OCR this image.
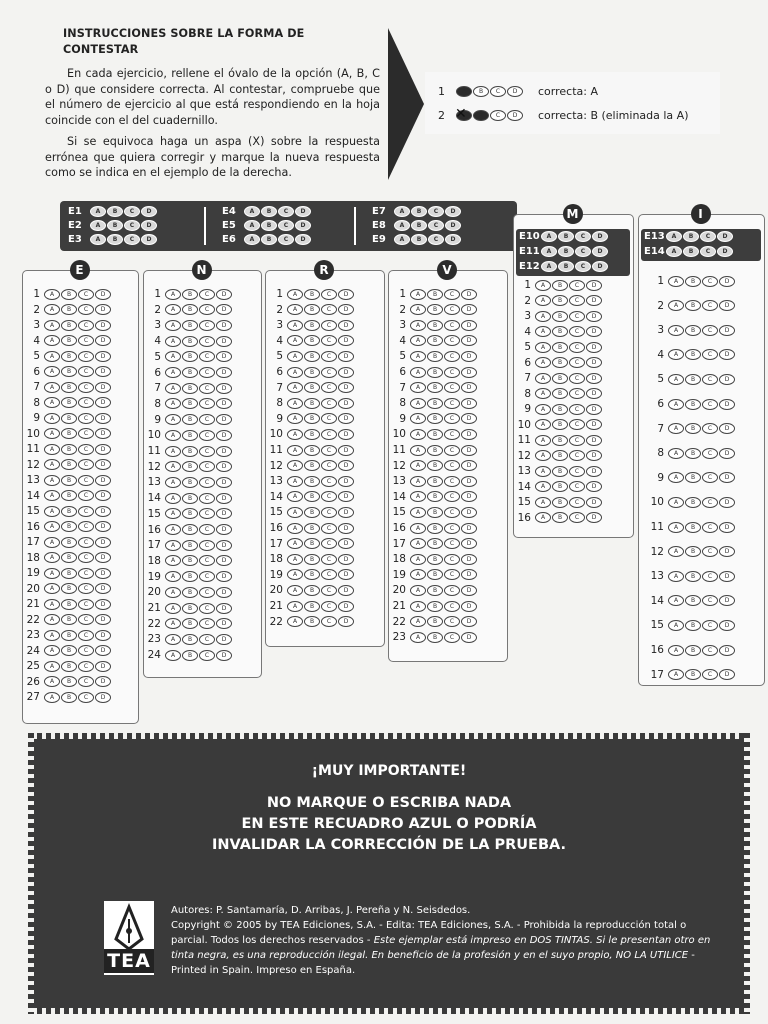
INSTRUCCIONES SOBRE LA FORMA DE CONTESTAR

En cada ejercicio, rellene el óvalo de la opción (A, B, C o D) que considere correcta. Al contestar, compruebe que el número de ejercicio al que está respondiendo en la hoja coincide con el del cuadernillo.

Si se equivoca haga un aspa (X) sobre la respuesta errónea que quiera corregir y marque la nueva respuesta como se indica en el ejemplo de la derecha.

1	A	B	C	D	correcta: A
2	A ✕	B	C	D	correcta: B (eliminada la A)
E1	A	B	C	D
E2	A	B	C	D
E3	A	B	C	D
E4	A	B	C	D
E5	A	B	C	D
E6	A	B	C	D
E7	A	B	C	D
E8	A	B	C	D
E9	A	B	C	D
E
1	A	B	C	D
2	A	B	C	D
3	A	B	C	D
4	A	B	C	D
5	A	B	C	D
6	A	B	C	D
7	A	B	C	D
8	A	B	C	D
9	A	B	C	D
10	A	B	C	D
11	A	B	C	D
12	A	B	C	D
13	A	B	C	D
14	A	B	C	D
15	A	B	C	D
16	A	B	C	D
17	A	B	C	D
18	A	B	C	D
19	A	B	C	D
20	A	B	C	D
21	A	B	C	D
22	A	B	C	D
23	A	B	C	D
24	A	B	C	D
25	A	B	C	D
26	A	B	C	D
27	A	B	C	D
N
1	A	B	C	D
2	A	B	C	D
3	A	B	C	D
4	A	B	C	D
5	A	B	C	D
6	A	B	C	D
7	A	B	C	D
8	A	B	C	D
9	A	B	C	D
10	A	B	C	D
11	A	B	C	D
12	A	B	C	D
13	A	B	C	D
14	A	B	C	D
15	A	B	C	D
16	A	B	C	D
17	A	B	C	D
18	A	B	C	D
19	A	B	C	D
20	A	B	C	D
21	A	B	C	D
22	A	B	C	D
23	A	B	C	D
24	A	B	C	D
R
1	A	B	C	D
2	A	B	C	D
3	A	B	C	D
4	A	B	C	D
5	A	B	C	D
6	A	B	C	D
7	A	B	C	D
8	A	B	C	D
9	A	B	C	D
10	A	B	C	D
11	A	B	C	D
12	A	B	C	D
13	A	B	C	D
14	A	B	C	D
15	A	B	C	D
16	A	B	C	D
17	A	B	C	D
18	A	B	C	D
19	A	B	C	D
20	A	B	C	D
21	A	B	C	D
22	A	B	C	D
V
1	A	B	C	D
2	A	B	C	D
3	A	B	C	D
4	A	B	C	D
5	A	B	C	D
6	A	B	C	D
7	A	B	C	D
8	A	B	C	D
9	A	B	C	D
10	A	B	C	D
11	A	B	C	D
12	A	B	C	D
13	A	B	C	D
14	A	B	C	D
15	A	B	C	D
16	A	B	C	D
17	A	B	C	D
18	A	B	C	D
19	A	B	C	D
20	A	B	C	D
21	A	B	C	D
22	A	B	C	D
23	A	B	C	D
M
E10	A	B	C	D
E11	A	B	C	D
E12	A	B	C	D
1	A	B	C	D
2	A	B	C	D
3	A	B	C	D
4	A	B	C	D
5	A	B	C	D
6	A	B	C	D
7	A	B	C	D
8	A	B	C	D
9	A	B	C	D
10	A	B	C	D
11	A	B	C	D
12	A	B	C	D
13	A	B	C	D
14	A	B	C	D
15	A	B	C	D
16	A	B	C	D
I
E13	A	B	C	D
E14	A	B	C	D
1	A	B	C	D
2	A	B	C	D
3	A	B	C	D
4	A	B	C	D
5	A	B	C	D
6	A	B	C	D
7	A	B	C	D
8	A	B	C	D
9	A	B	C	D
10	A	B	C	D
11	A	B	C	D
12	A	B	C	D
13	A	B	C	D
14	A	B	C	D
15	A	B	C	D
16	A	B	C	D
17	A	B	C	D
¡MUY IMPORTANTE!
NO MARQUE O ESCRIBA NADA
EN ESTE RECUADRO AZUL O PODRÍA
INVALIDAR LA CORRECCIÓN DE LA PRUEBA.
TEA
Autores: P. Santamaría, D. Arribas, J. Pereña y N. Seisdedos.
Copyright © 2005 by TEA Ediciones, S.A. - Edita: TEA Ediciones, S.A. - Prohibida la reproducción total o parcial. Todos los derechos reservados - Este ejemplar está impreso en DOS TINTAS. Si le presentan otro en tinta negra, es una reproducción ilegal. En beneficio de la profesión y en el suyo propio, NO LA UTILICE - Printed in Spain. Impreso en España.
